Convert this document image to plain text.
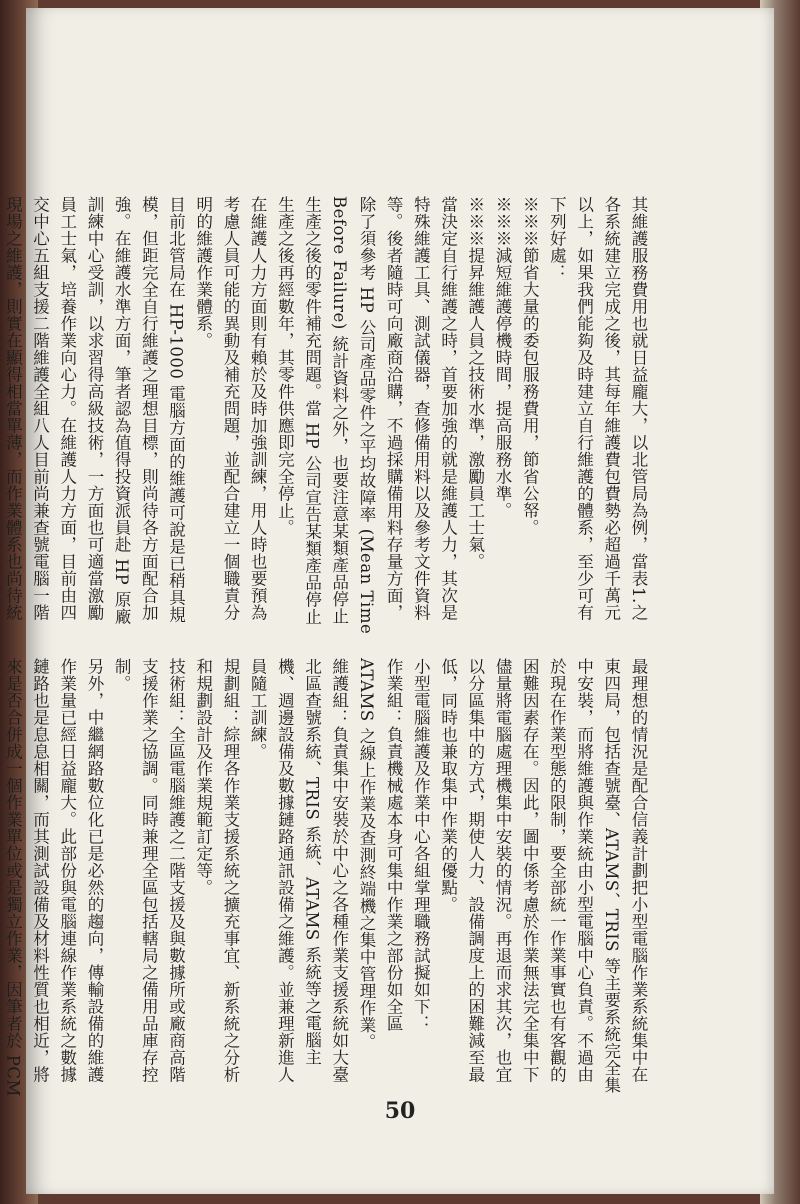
其維護服務費用也就日益龐大，以北管局為例，當表1.之各系統建立完成之後，其每年維護費包費勢必超過千萬元以上，如果我們能夠及時建立自行維護的體系，至少可有下列好處：

※※※節省大量的委包服務費用，節省公帑。

※※※減短維護停機時間，提高服務水準。

※※※提昇維護人員之技術水準，激勵員工士氣。

當決定自行維護之時，首要加強的就是維護人力，其次是特殊維護工具、測試儀器，查修備用料以及參考文件資料等。後者隨時可向廠商洽購，不過採購備用料存量方面，除了須參考 HP 公司產品零件之平均故障率 (Mean Time Before Failure) 統計資料之外，也要注意某類產品停止生產之後的零件補充問題。當 HP 公司宣告某類產品停止生產之後再經數年，其零件供應即完全停止。

在維護人力方面則有賴於及時加強訓練，用人時也要預為考慮人員可能的異動及補充問題，並配合建立一個職責分明的維護作業體系。

目前北管局在 HP-1000 電腦方面的維護可說是已稍具規模，但距完全自行維護之理想目標，則尚待各方面配合加強。在維護水準方面，筆者認為值得投資派員赴 HP 原廠訓練中心受訓，以求習得高級技術，一方面也可適當激勵員工士氣，培養作業向心力。在維護人力方面，目前由四交中心五組支援二階維護全組八人目前尚兼查號電腦一階現場之維護，則實在顯得相當單薄，而作業體系也尚待統

最理想的情況是配合信義計劃把小型電腦作業系統集中在東四局，包括查號臺、ATAMS、TRIS 等主要系統完全集中安裝，而將維護與作業統由小型電腦中心負責。不過由於現在作業型態的限制，要全部統一作業事實也有客觀的困難因素存在。因此，圖中係考慮於作業無法完全集中下儘量將電腦處理機集中安裝的情況。再退而求其次，也宜以分區集中的方式，期使人力、設備調度上的困難減至最低，同時也兼取集中作業的優點。

小型電腦維護及作業中心各組掌理職務試擬如下：

作業組：負責機械處本身可集中作業之部份如全區 ATAMS 之線上作業及查測終端機之集中管理作業。

維護組：負責集中安裝於中心之各種作業支援系統如大臺北區查號系統、TRIS 系統、ATAMS 系統等之電腦主機、週邊設備及數據鏈路通訊設備之維護。並兼理新進人員隨工訓練。

規劃組：綜理各作業支援系統之擴充事宜、新系統之分析和規劃設計及作業規範訂定等。

技術組：全區電腦維護之二階支援及與數據所或廠商高階支援作業之協調。同時兼理全區包括轄局之備用品庫存控制。

另外，中繼網路數位化已是必然的趨向，傳輸設備的維護作業量已經日益龐大。此部份與電腦連線作業系統之數據鏈路也是息息相關，而其測試設備及材料性質也相近，將來是否合併成一個作業單位或是獨立作業，因筆者於 PCM

50
